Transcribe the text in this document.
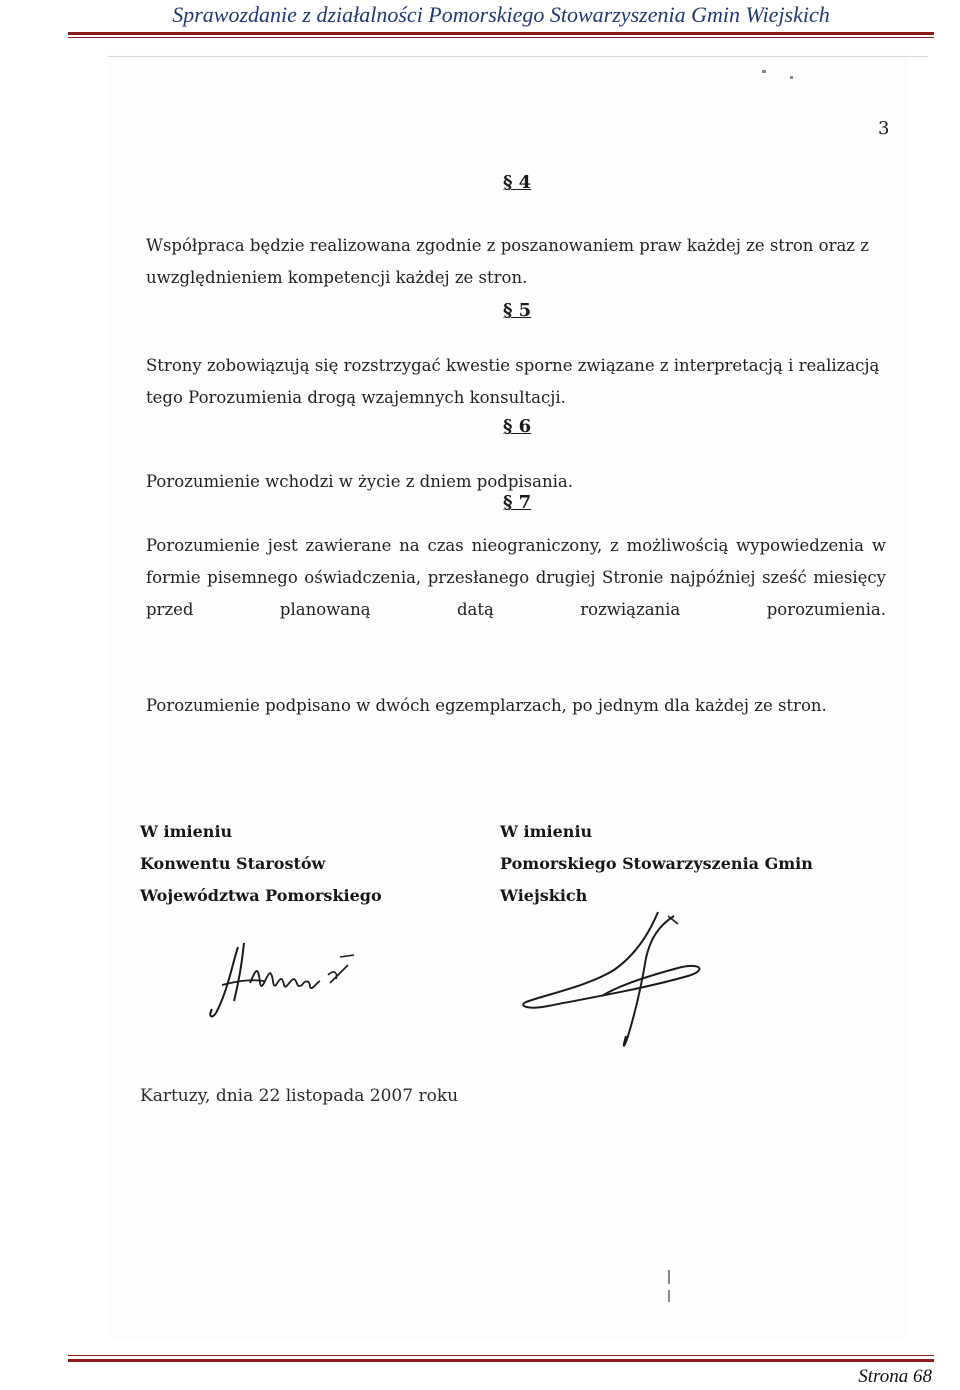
Sprawozdanie z działalności Pomorskiego Stowarzyszenia Gmin Wiejskich
3
§ 4
Współpraca będzie realizowana zgodnie z poszanowaniem praw każdej ze stron oraz z uwzględnieniem kompetencji każdej ze stron.
§ 5
Strony zobowiązują się rozstrzygać kwestie sporne związane z interpretacją i realizacją tego Porozumienia drogą wzajemnych konsultacji.
§ 6
Porozumienie wchodzi w życie z dniem podpisania.
§ 7
Porozumienie jest zawierane na czas nieograniczony, z możliwością wypowiedzenia w formie pisemnego oświadczenia, przesłanego drugiej Stronie najpóźniej sześć miesięcy przed planowaną datą rozwiązania porozumienia.
Porozumienie podpisano w dwóch egzemplarzach, po jednym dla każdej ze stron.
W imieniu
Konwentu Starostów
Województwa Pomorskiego
W imieniu
Pomorskiego Stowarzyszenia Gmin
Wiejskich
Kartuzy, dnia 22 listopada 2007 roku
Strona 68
